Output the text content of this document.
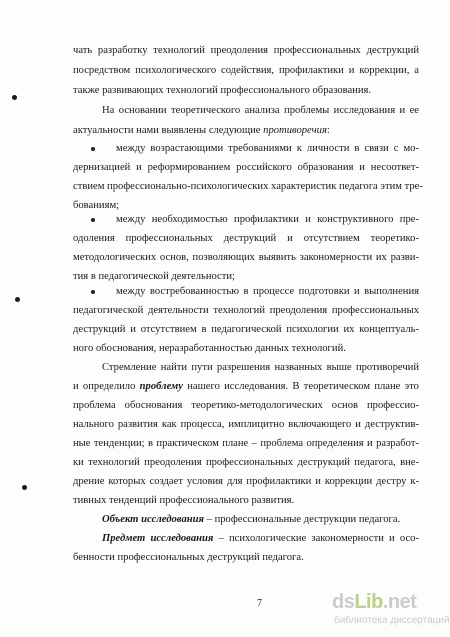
чать разработку технологий преодоления профессиональных деструкций
посредством психологического содействия, профилактики и коррекции, а
также развивающих технологий профессионального образования.
На основании теоретического анализа проблемы исследования и ее
актуальности нами выявлены следующие противоречия:
между возрастающими требованиями к личности в связи с мо-
дернизацией и реформированием российского образования и несоответ-
ствием профессионально-психологических характеристик педагога этим тре-
бованиям;
между необходимостью профилактики и конструктивного пре-
одоления профессиональных деструкций и отсутствием теоретико-
методологических основ, позволяющих выявить закономерности их разви-
тия в педагогической деятельности;
между востребованностью в процессе подготовки и выполнения
педагогической деятельности технологий преодоления профессиональных
деструкций и отсутствием в педагогической психологии их концептуаль-
ного обоснования, неразработанностью данных технологий.
Стремление найти пути разрешения названных выше противоречий
и определило проблему нашего исследования. В теоретическом плане это
проблема обоснования теоретико-методологических основ профессио-
нального развития как процесса, имплицитно включающего и деструктив-
ные тенденции; в практическом плане – проблема определения и разработ-
ки технологий преодоления профессиональных деструкций педагога, вне-
дрение которых создает условия для профилактики и коррекции дестру к-
тивных тенденций профессионального развития.
Объект исследования – профессиональные деструкции педагога.
Предмет исследования – психологические закономерности и осо-
бенности профессиональных деструкций педагога.
7	dsLib.net
библиотека диссертаций
